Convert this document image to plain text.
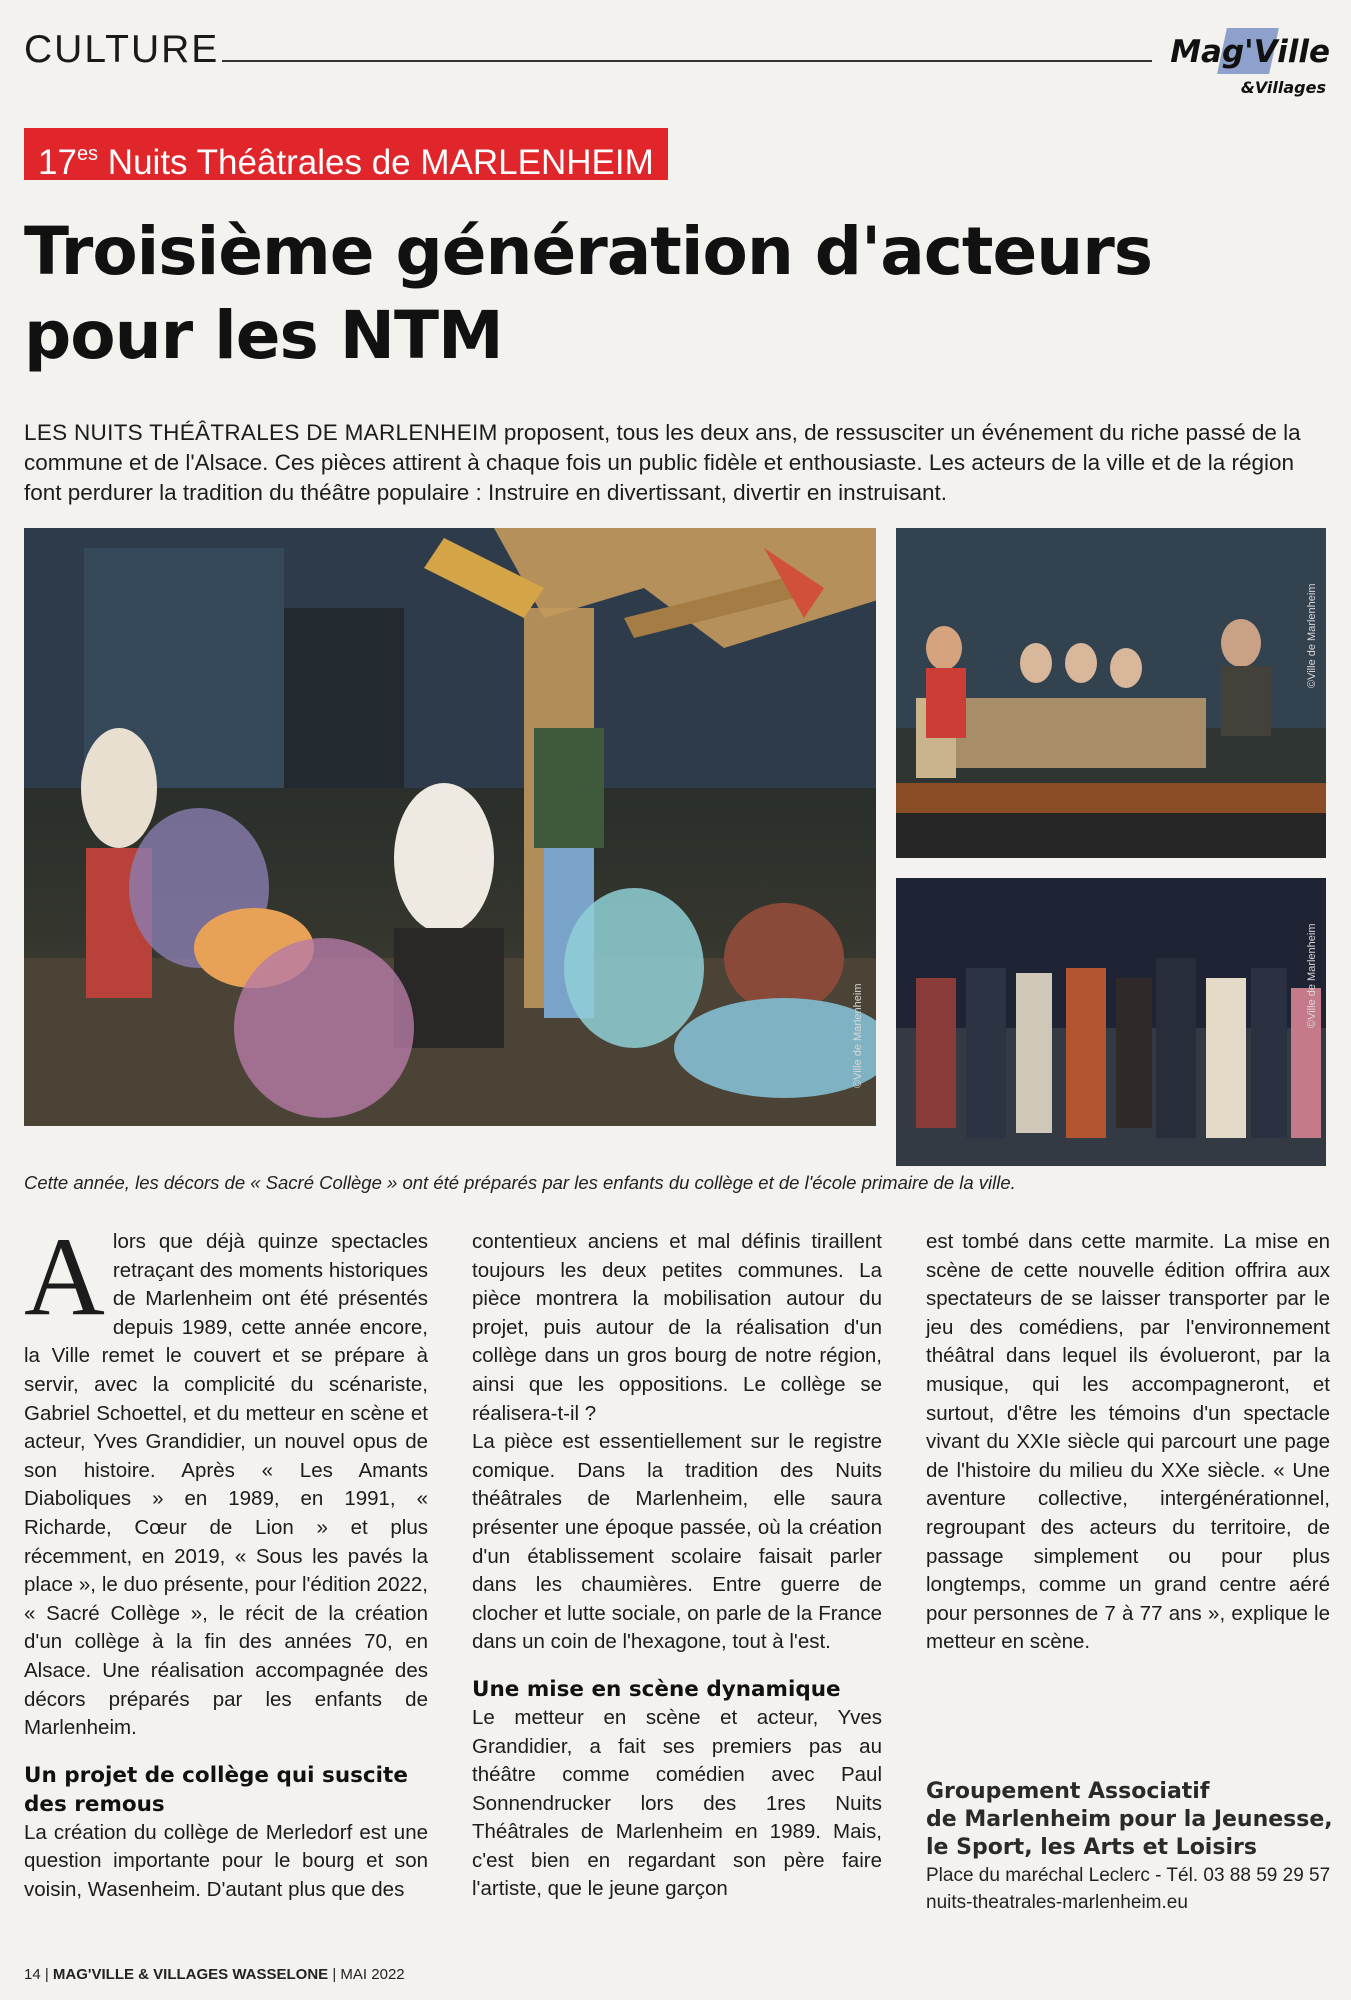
CULTURE	Mag'Ville
&Villages
$17^{es}$ Nuits Théâtrales de MARLENHEIM
Troisième génération d'acteurs pour les NTM
LES NUITS THÉÂTRALES DE MARLENHEIM proposent, tous les deux ans, de ressusciter un événement du riche passé de la commune et de l'Alsace. Ces pièces attirent à chaque fois un public fidèle et enthousiaste. Les acteurs de la ville et de la région font perdurer la tradition du théâtre populaire : Instruire en divertissant, divertir en instruisant.
©Ville de Marlenheim
©Ville de Marlenheim
©Ville de Marlenheim
Cette année, les décors de « Sacré Collège » ont été préparés par les enfants du collège et de l'école primaire de la ville.

Alors que déjà quinze spectacles retraçant des moments historiques de Marlenheim ont été présentés depuis 1989, cette année encore, la Ville remet le couvert et se prépare à servir, avec la complicité du scénariste, Gabriel Schoettel, et du metteur en scène et acteur, Yves Grandidier, un nouvel opus de son histoire. Après « Les Amants Diaboliques » en 1989, en 1991, « Richarde, Cœur de Lion » et plus récemment, en 2019, « Sous les pavés la place », le duo présente, pour l'édition 2022, « Sacré Collège », le récit de la création d'un collège à la fin des années 70, en Alsace. Une réalisation accompagnée des décors préparés par les enfants de Marlenheim.

Un projet de collège qui suscite des remous

La création du collège de Merledorf est une question importante pour le bourg et son voisin, Wasenheim. D'autant plus que des

contentieux anciens et mal définis tiraillent toujours les deux petites communes. La pièce montrera la mobilisation autour du projet, puis autour de la réalisation d'un collège dans un gros bourg de notre région, ainsi que les oppositions. Le collège se réalisera-t-il ?

La pièce est essentiellement sur le registre comique. Dans la tradition des Nuits théâtrales de Marlenheim, elle saura présenter une époque passée, où la création d'un établissement scolaire faisait parler dans les chaumières. Entre guerre de clocher et lutte sociale, on parle de la France dans un coin de l'hexagone, tout à l'est.

Une mise en scène dynamique

Le metteur en scène et acteur, Yves Grandidier, a fait ses premiers pas au théâtre comme comédien avec Paul Sonnendrucker lors des 1res Nuits Théâtrales de Marlenheim en 1989. Mais, c'est bien en regardant son père faire l'artiste, que le jeune garçon

est tombé dans cette marmite. La mise en scène de cette nouvelle édition offrira aux spectateurs de se laisser transporter par le jeu des comédiens, par l'environnement théâtral dans lequel ils évolueront, par la musique, qui les accompagneront, et surtout, d'être les témoins d'un spectacle vivant du XXIe siècle qui parcourt une page de l'histoire du milieu du XXe siècle. « Une aventure collective, intergénérationnel, regroupant des acteurs du territoire, de passage simplement ou pour plus longtemps, comme un grand centre aéré pour personnes de 7 à 77 ans », explique le metteur en scène.

Groupement Associatif
de Marlenheim pour la Jeunesse,
le Sport, les Arts et Loisirs
Place du maréchal Leclerc - Tél. 03 88 59 29 57
nuits-theatrales-marlenheim.eu
14 | MAG'VILLE & VILLAGES WASSELONE | MAI 2022
